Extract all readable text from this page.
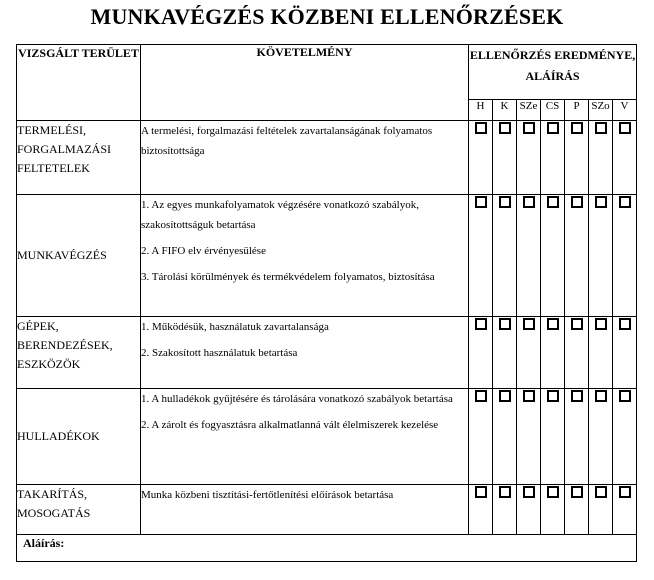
MUNKAVÉGZÉS KÖZBENI ELLENŐRZÉSEK
VIZSGÁLT TERÜLET	KÖVETELMÉNY	ELLENŐRZÉS EREDMÉNYE, ALÁÍRÁS						
		H	K	SZe	CS	P	SZo	V
TERMELÉSI, FORGALMAZÁSI FELTETELEK	A termelési, forgalmazási feltételek zavartalanságának folyamatos biztosítottsága							

MUNKAVÉGZÉS	1. Az egyes munkafolyamatok végzésére vonatkozó szabályok, szakosítottságuk betartása

2. A FIFO elv érvényesülése

3. Tárolási körülmények és termékvédelem folyamatos, biztosítása							

GÉPEK, BERENDEZÉSEK, ESZKÖZÖK	1. Működésük, használatuk zavartalansága

2. Szakosított használatuk betartása							

HULLADÉKOK	1. A hulladékok gyűjtésére és tárolására vonatkozó szabályok betartása

2. A zárolt és fogyasztásra alkalmatlanná vált élelmiszerek kezelése							

TAKARÍTÁS, MOSOGATÁS	Munka közbeni tisztítási-fertőtlenítési előírások betartása							

Aláírás:								
